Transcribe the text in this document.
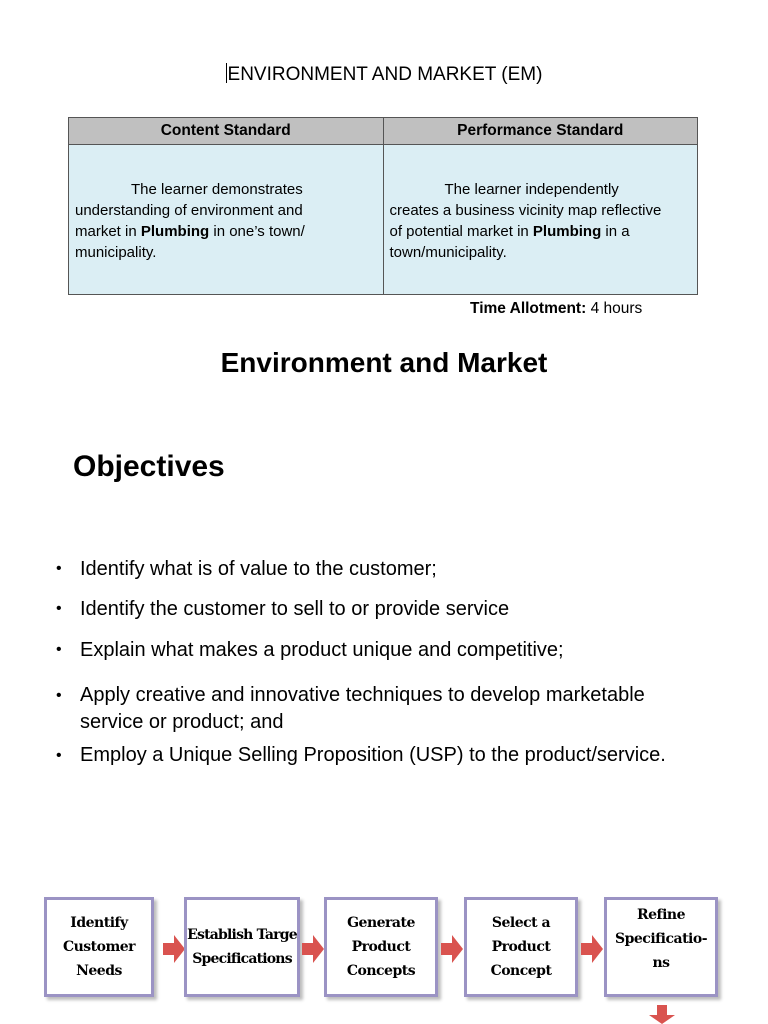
ENVIRONMENT AND MARKET (EM)
Content Standard	Performance Standard
The learner demonstrates
understanding of environment and
market in Plumbing in one’s town/
municipality.	The learner independently
creates a business vicinity map reflective
of potential market in Plumbing in a
town/municipality.
Time Allotment: 4 hours
Environment and Market
Objectives
• Identify what is of value to the customer;
• Identify the customer to sell to or provide service
• Explain what makes a product unique and competitive;
• Apply creative and innovative techniques to develop marketable service or product; and
• Employ a Unique Selling Proposition (USP) to the product/service.
Identify
Customer
Needs
Establish Targe
Specifications
Generate
Product
Concepts
Select a
Product
Concept
Refine
Specificatio-
ns
